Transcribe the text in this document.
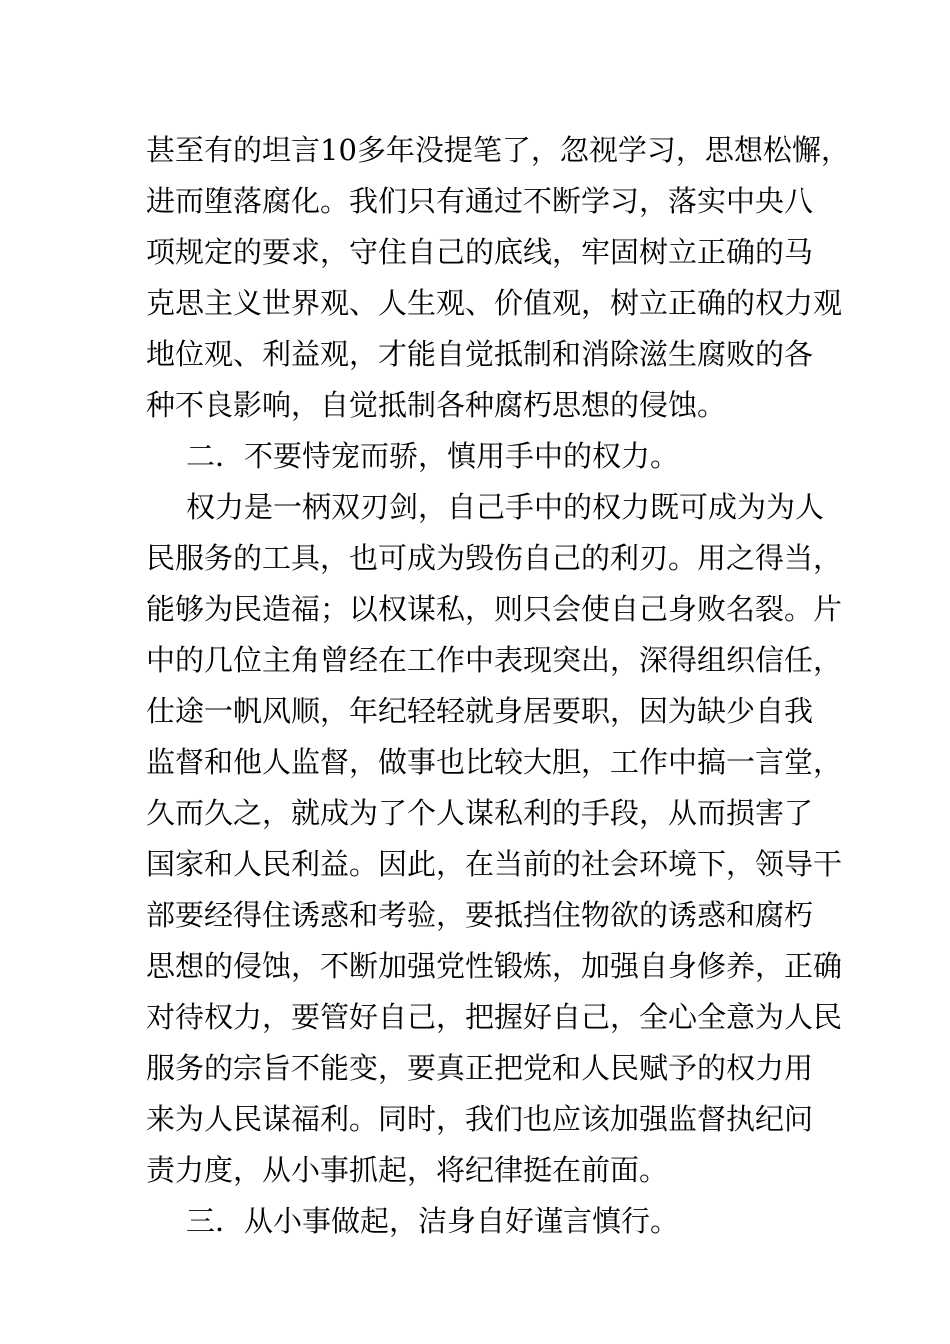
甚至有的坦言10多年没提笔了，忽视学习，思想松懈，
进而堕落腐化。我们只有通过不断学习，落实中央八
项规定的要求，守住自己的底线，牢固树立正确的马
克思主义世界观、人生观、价值观，树立正确的权力观
地位观、利益观，才能自觉抵制和消除滋生腐败的各
种不良影响，自觉抵制各种腐朽思想的侵蚀。
二．不要恃宠而骄，慎用手中的权力。
权力是一柄双刃剑，自己手中的权力既可成为为人
民服务的工具，也可成为毁伤自己的利刃。用之得当，
能够为民造福；以权谋私，则只会使自己身败名裂。片
中的几位主角曾经在工作中表现突出，深得组织信任，
仕途一帆风顺，年纪轻轻就身居要职，因为缺少自我
监督和他人监督，做事也比较大胆，工作中搞一言堂，
久而久之，就成为了个人谋私利的手段，从而损害了
国家和人民利益。因此，在当前的社会环境下，领导干
部要经得住诱惑和考验，要抵挡住物欲的诱惑和腐朽
思想的侵蚀，不断加强党性锻炼，加强自身修养，正确
对待权力，要管好自己，把握好自己，全心全意为人民
服务的宗旨不能变，要真正把党和人民赋予的权力用
来为人民谋福利。同时，我们也应该加强监督执纪问
责力度，从小事抓起，将纪律挺在前面。
三．从小事做起，洁身自好谨言慎行。
